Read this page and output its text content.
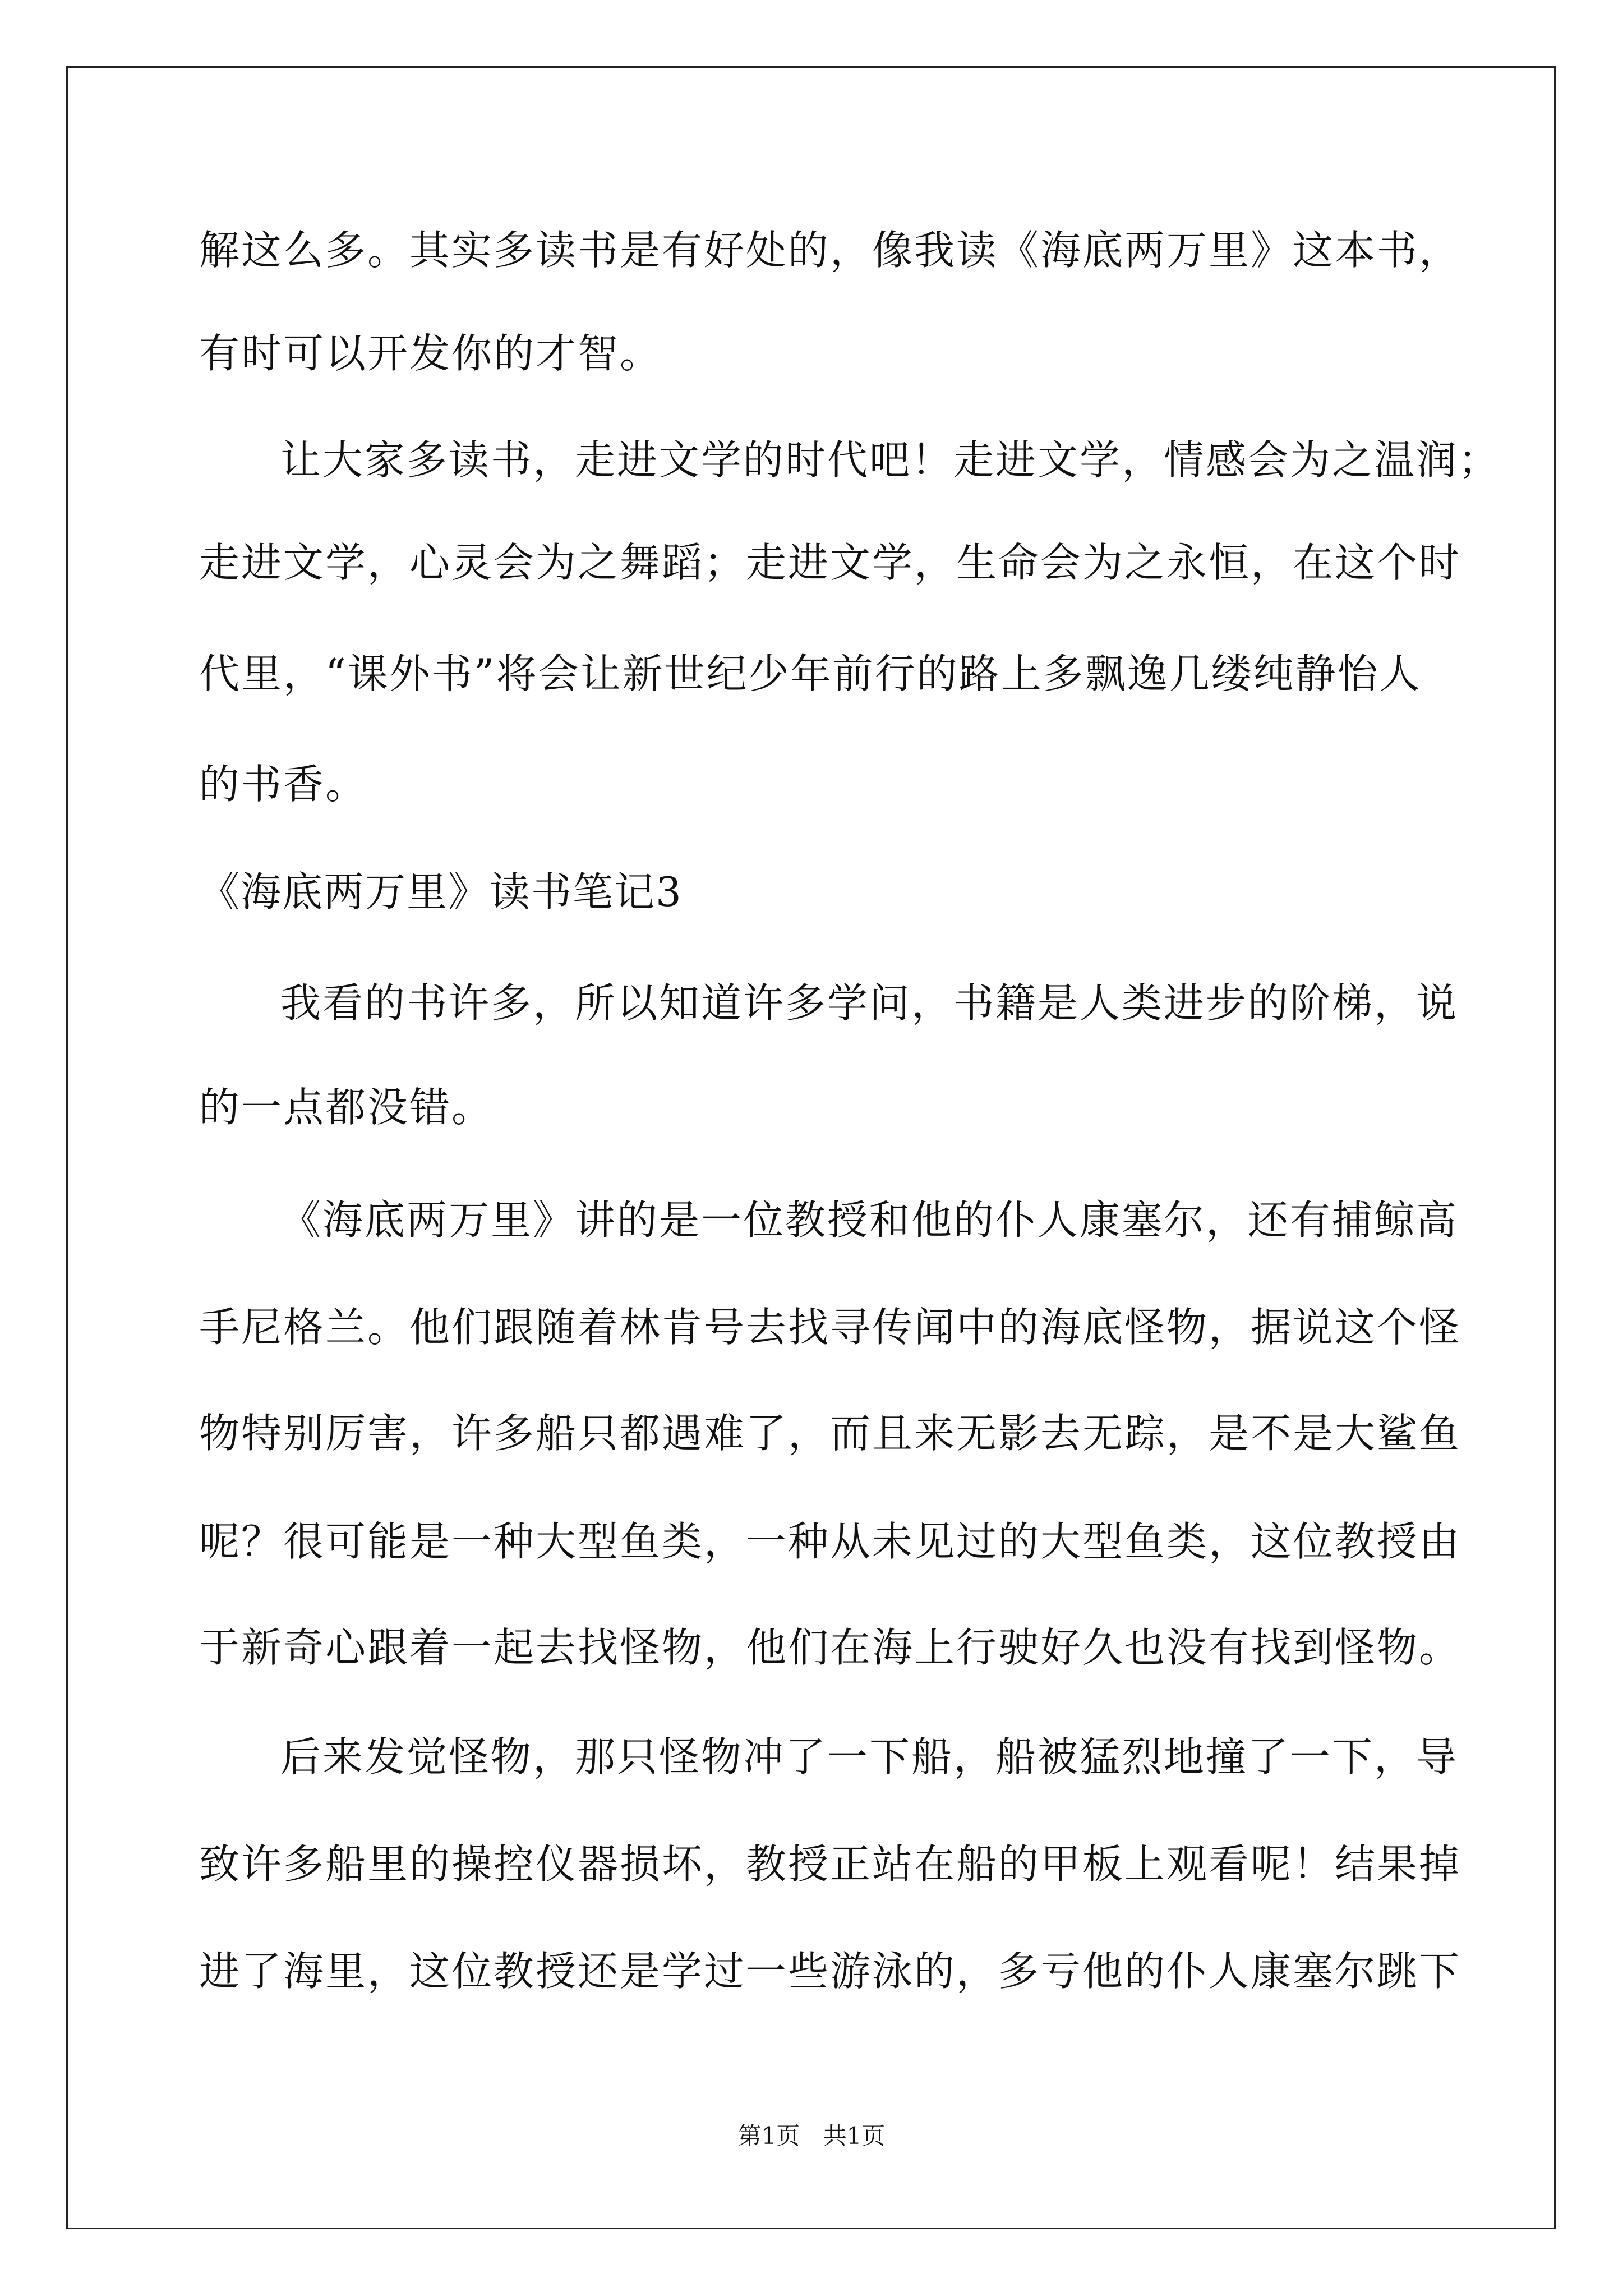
解这么多。其实多读书是有好处的，像我读《海底两万里》这本书，
有时可以开发你的才智。
让大家多读书，走进文学的时代吧！走进文学，情感会为之温润；
走进文学，心灵会为之舞蹈；走进文学，生命会为之永恒，在这个时
代里，“课外书”将会让新世纪少年前行的路上多飘逸几缕纯静怡人
的书香。
《海底两万里》读书笔记3
我看的书许多，所以知道许多学问，书籍是人类进步的阶梯，说
的一点都没错。
《海底两万里》讲的是一位教授和他的仆人康塞尔，还有捕鲸高
手尼格兰。他们跟随着林肯号去找寻传闻中的海底怪物，据说这个怪
物特别厉害，许多船只都遇难了，而且来无影去无踪，是不是大鲨鱼
呢？很可能是一种大型鱼类，一种从未见过的大型鱼类，这位教授由
于新奇心跟着一起去找怪物，他们在海上行驶好久也没有找到怪物。
后来发觉怪物，那只怪物冲了一下船，船被猛烈地撞了一下，导
致许多船里的操控仪器损坏，教授正站在船的甲板上观看呢！结果掉
进了海里，这位教授还是学过一些游泳的，多亏他的仆人康塞尔跳下
第1页 共1页
